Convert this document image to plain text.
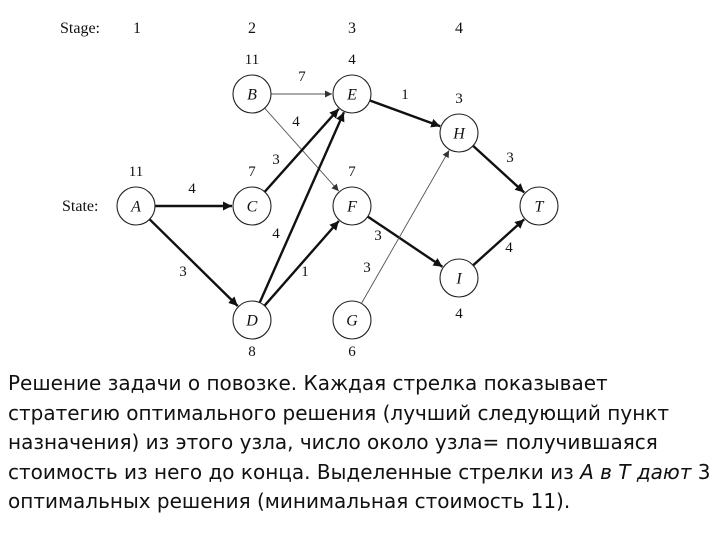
Stage: 1	2	3	4
State:
4
3
7
4
3
4
1
1
3
3
3
4
A
11
B
11
C
7
D
8
E
4
F
7
G
6
H
3
I
4
T

Решение задачи о повозке. Каждая стрелка показывает стратегию оптимального решения (лучший следующий пункт назначения) из этого узла, число около узла= получившаяся стоимость из него до конца. Выделенные стрелки из A в T дают 3 оптимальных решения (минимальная стоимость 11).
